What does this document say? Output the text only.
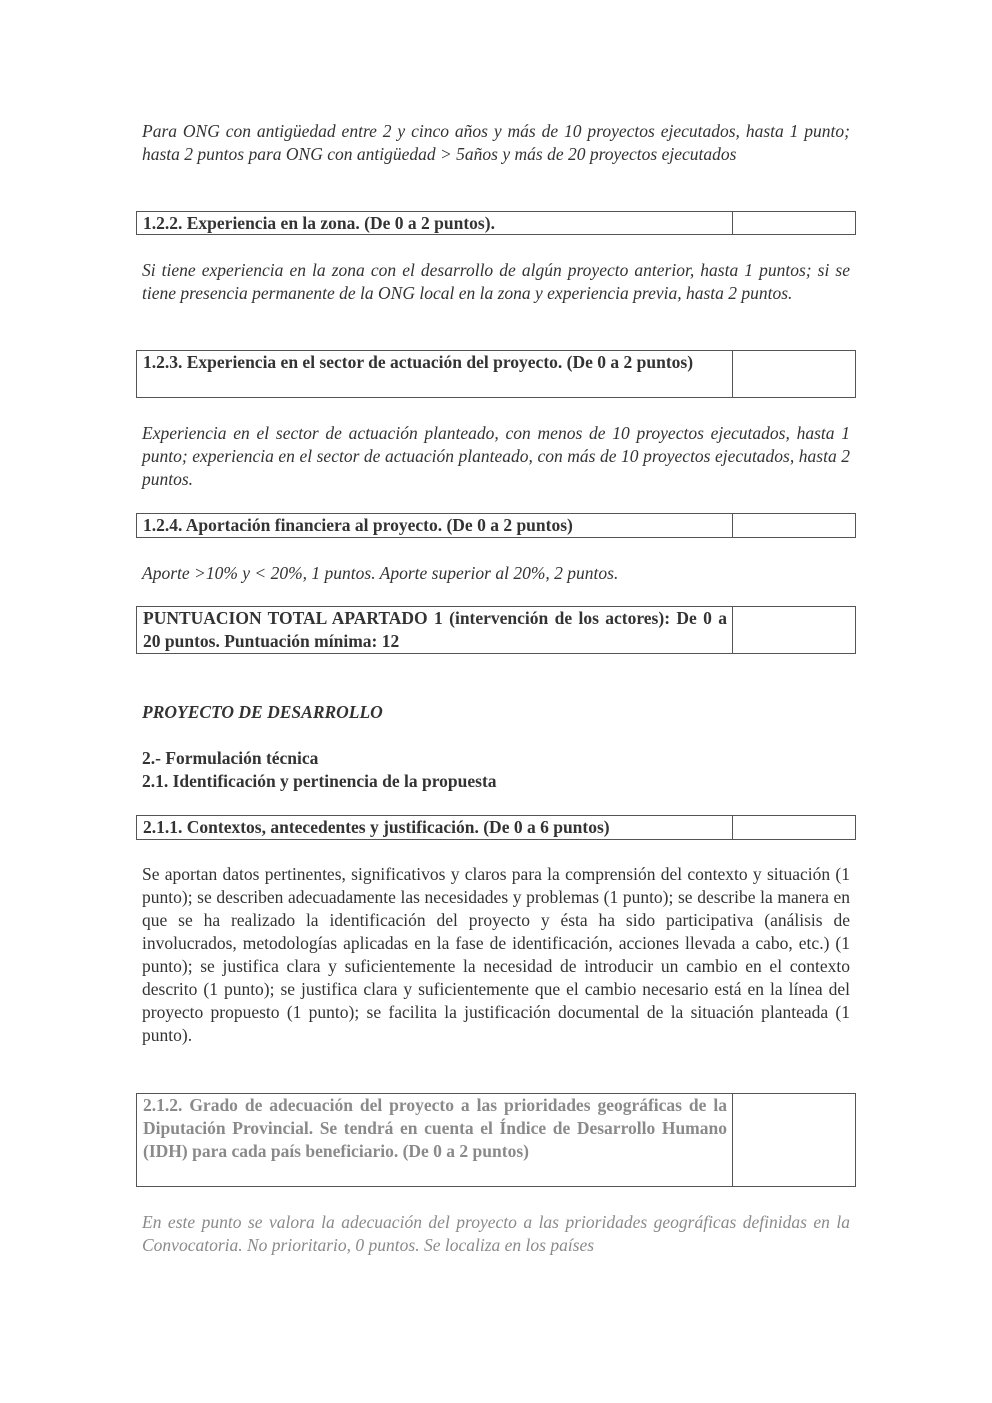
Para ONG con antigüedad entre 2 y cinco años y más de 10 proyectos ejecutados, hasta 1 punto; hasta 2 puntos para ONG con antigüedad > 5años y más de 20 proyectos ejecutados

1.2.2. Experiencia en la zona. (De 0 a 2 puntos).

Si tiene experiencia en la zona con el desarrollo de algún proyecto anterior, hasta 1 puntos; si se tiene presencia permanente de la ONG local en la zona y experiencia previa, hasta 2 puntos.

1.2.3. Experiencia en el sector de actuación del proyecto. (De 0 a 2 puntos)

Experiencia en el sector de actuación planteado, con menos de 10 proyectos ejecutados, hasta 1 punto; experiencia en el sector de actuación planteado, con más de 10 proyectos ejecutados, hasta 2 puntos.

1.2.4. Aportación financiera al proyecto. (De 0 a 2 puntos)

Aporte >10% y < 20%, 1 puntos. Aporte superior al 20%, 2 puntos.

PUNTUACION TOTAL APARTADO 1 (intervención de los actores): De 0 a 20 puntos. Puntuación mínima: 12

PROYECTO DE DESARROLLO

2.- Formulación técnica

2.1. Identificación y pertinencia de la propuesta

2.1.1. Contextos, antecedentes y justificación. (De 0 a 6 puntos)

Se aportan datos pertinentes, significativos y claros para la comprensión del contexto y situación (1 punto); se describen adecuadamente las necesidades y problemas (1 punto); se describe la manera en que se ha realizado la identificación del proyecto y ésta ha sido participativa (análisis de involucrados, metodologías aplicadas en la fase de identificación, acciones llevada a cabo, etc.) (1 punto); se justifica clara y suficientemente la necesidad de introducir un cambio en el contexto descrito (1 punto); se justifica clara y suficientemente que el cambio necesario está en la línea del proyecto propuesto (1 punto); se facilita la justificación documental de la situación planteada (1 punto).

2.1.2. Grado de adecuación del proyecto a las prioridades geográficas de la Diputación Provincial. Se tendrá en cuenta el Índice de Desarrollo Humano (IDH) para cada país beneficiario. (De 0 a 2 puntos)

En este punto se valora la adecuación del proyecto a las prioridades geográficas definidas en la Convocatoria. No prioritario, 0 puntos. Se localiza en los países
